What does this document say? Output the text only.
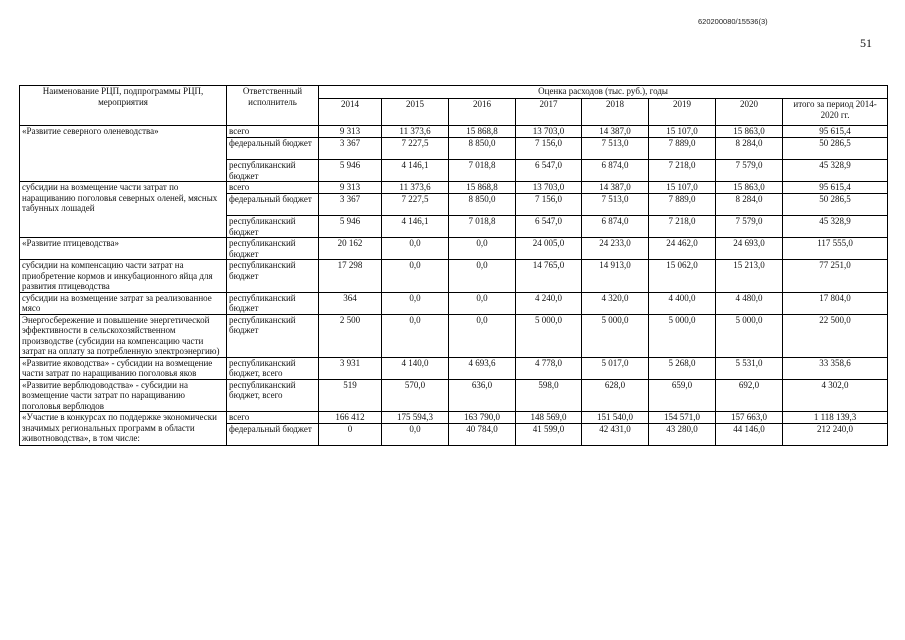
620200080/15536(3)
51
Наименование РЦП, подпрограммы РЦП, мероприятия	Ответственный исполнитель	Оценка расходов (тыс. руб.), годы							
		2014	2015	2016	2017	2018	2019	2020	итого за период 2014-2020 гг.
«Развитие северного оленеводства»	всего	9 313	11 373,6	15 868,8	13 703,0	14 387,0	15 107,0	15 863,0	95 615,4
	федеральный бюджет	3 367	7 227,5	8 850,0	7 156,0	7 513,0	7 889,0	8 284,0	50 286,5
	республиканский бюджет	5 946	4 146,1	7 018,8	6 547,0	6 874,0	7 218,0	7 579,0	45 328,9
субсидии на возмещение части затрат по наращиванию поголовья северных оленей, мясных табунных лошадей	всего	9 313	11 373,6	15 868,8	13 703,0	14 387,0	15 107,0	15 863,0	95 615,4
	федеральный бюджет	3 367	7 227,5	8 850,0	7 156,0	7 513,0	7 889,0	8 284,0	50 286,5
	республиканский бюджет	5 946	4 146,1	7 018,8	6 547,0	6 874,0	7 218,0	7 579,0	45 328,9
«Развитие птицеводства»	республиканский бюджет	20 162	0,0	0,0	24 005,0	24 233,0	24 462,0	24 693,0	117 555,0
субсидии на компенсацию части затрат на приобретение кормов и инкубационного яйца для развития птицеводства	республиканский бюджет	17 298	0,0	0,0	14 765,0	14 913,0	15 062,0	15 213,0	77 251,0
субсидии на возмещение затрат за реализованное мясо	республиканский бюджет	364	0,0	0,0	4 240,0	4 320,0	4 400,0	4 480,0	17 804,0
Энергосбережение и повышение энергетической эффективности в сельскохозяйственном производстве (субсидии на компенсацию части затрат на оплату за потребленную электроэнергию)	республиканский бюджет	2 500	0,0	0,0	5 000,0	5 000,0	5 000,0	5 000,0	22 500,0
«Развитие яководства» - субсидии на возмещение части затрат по наращиванию поголовья яков	республиканский бюджет, всего	3 931	4 140,0	4 693,6	4 778,0	5 017,0	5 268,0	5 531,0	33 358,6
«Развитие верблюдоводства» - субсидии на возмещение части затрат по наращиванию поголовья верблюдов	республиканский бюджет, всего	519	570,0	636,0	598,0	628,0	659,0	692,0	4 302,0
«Участие в конкурсах по поддержке экономически значимых региональных программ в области животноводства», в том числе:	всего	166 412	175 594,3	163 790,0	148 569,0	151 540,0	154 571,0	157 663,0	1 118 139,3
	федеральный бюджет	0	0,0	40 784,0	41 599,0	42 431,0	43 280,0	44 146,0	212 240,0
